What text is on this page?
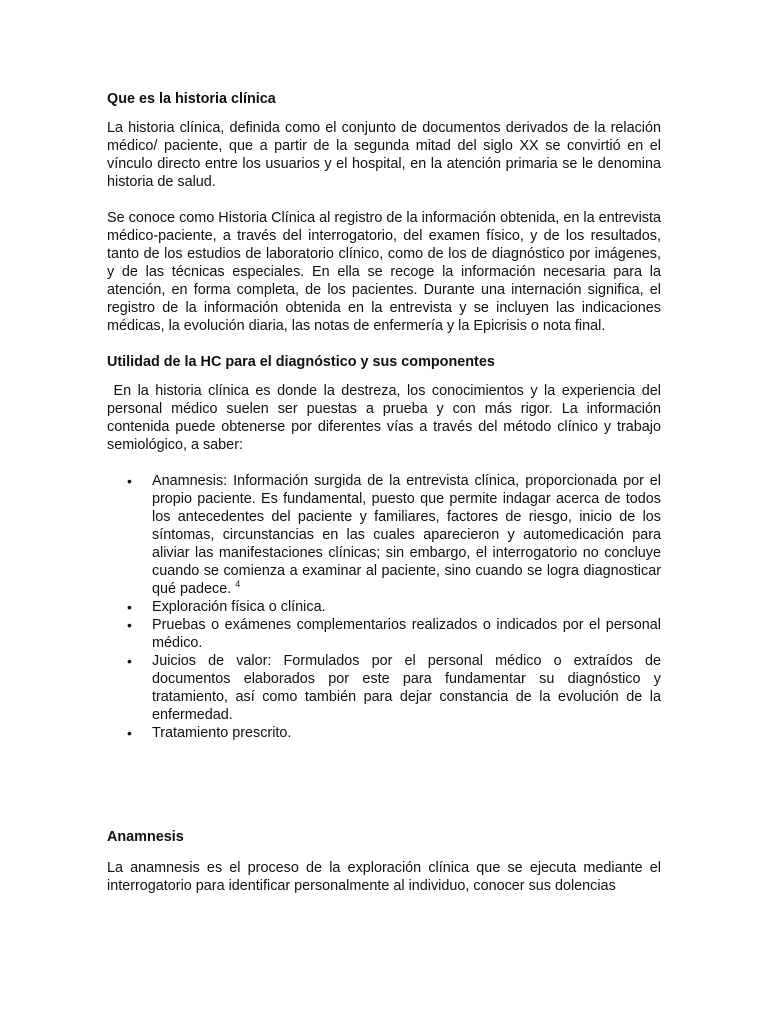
Que es la historia clínica

La historia clínica, definida como el conjunto de documentos derivados de la relación médico/ paciente, que a partir de la segunda mitad del siglo XX se convirtió en el vínculo directo entre los usuarios y el hospital, en la atención primaria se le denomina historia de salud.

Se conoce como Historia Clínica al registro de la información obtenida, en la entrevista médico-paciente, a través del interrogatorio, del examen físico, y de los resultados, tanto de los estudios de laboratorio clínico, como de los de diagnóstico por imágenes, y de las técnicas especiales. En ella se recoge la información necesaria para la atención, en forma completa, de los pacientes. Durante una internación significa, el registro de la información obtenida en la entrevista y se incluyen las indicaciones médicas, la evolución diaria, las notas de enfermería y la Epicrisis o nota final.

Utilidad de la HC para el diagnóstico y sus componentes

En la historia clínica es donde la destreza, los conocimientos y la experiencia del personal médico suelen ser puestas a prueba y con más rigor. La información contenida puede obtenerse por diferentes vías a través del método clínico y trabajo semiológico, a saber:

• Anamnesis: Información surgida de la entrevista clínica, proporcionada por el propio paciente. Es fundamental, puesto que permite indagar acerca de todos los antecedentes del paciente y familiares, factores de riesgo, inicio de los síntomas, circunstancias en las cuales aparecieron y automedicación para aliviar las manifestaciones clínicas; sin embargo, el interrogatorio no concluye cuando se comienza a examinar al paciente, sino cuando se logra diagnosticar qué padece. $^4$
• Exploración física o clínica.
• Pruebas o exámenes complementarios realizados o indicados por el personal médico.
• Juicios de valor: Formulados por el personal médico o extraídos de documentos elaborados por este para fundamentar su diagnóstico y tratamiento, así como también para dejar constancia de la evolución de la enfermedad.
• Tratamiento prescrito.
Anamnesis

La anamnesis es el proceso de la exploración clínica que se ejecuta mediante el interrogatorio para identificar personalmente al individuo, conocer sus dolencias
